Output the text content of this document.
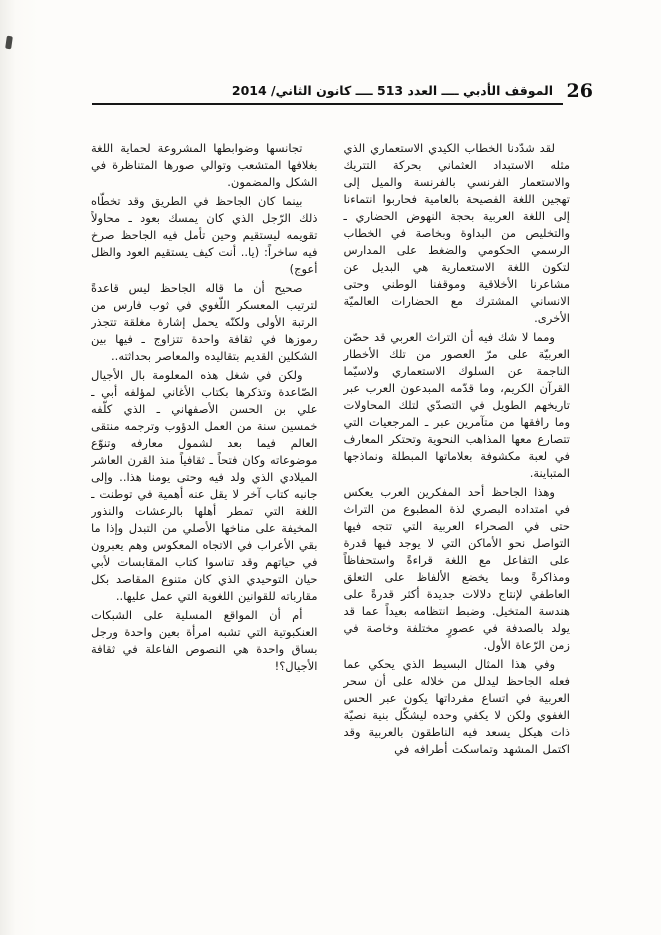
الموقف الأدبي ــــ العدد 513 ــــ كانون الثاني/ 2014 26

لقد شدّدنا الخطاب الكيدي الاستعماري الذي مثله الاستبداد العثماني بحركة التتريك والاستعمار الفرنسي بالفرنسة والميل إلى تهجين اللغة الفصيحة بالعامية فحاربوا انتماءنا إلى اللغة العربية بحجة النهوض الحضاري ـ والتخليص من البداوة وبخاصة في الخطاب الرسمي الحكومي والضغط على المدارس لتكون اللغة الاستعمارية هي البديل عن مشاعرنا الأخلاقية وموقفنا الوطني وحتى الانساني المشترك مع الحضارات العالميّة الأخرى.

ومما لا شك فيه أن التراث العربي قد حصّن العربيّة على مرّ العصور من تلك الأخطار الناجمة عن السلوك الاستعماري ولاسيّما القرآن الكريم، وما قدّمه المبدعون العرب عبر تاريخهم الطويل في التصدّي لتلك المحاولات وما رافقها من متآمرين عبر ـ المرجعيات التي تتصارع معها المذاهب النحوية وتحتكر المعارف في لعبة مكشوفة بعلاماتها المبطلة ونماذجها المتباينة.

وهذا الجاحظ أحد المفكرين العرب يعكس في امتداده البصري لذة المطبوع من التراث حتى في الصحراء العربية التي تتجه فيها التواصل نحو الأماكن التي لا يوجد فيها قدرة على التفاعل مع اللغة قراءةً واستحفاظاً ومذاكرةً وبما يخضع الألفاظ على التعلق العاطفي لإنتاج دلالات جديدة أكثر قدرةً على هندسة المتخيل. وضبط انتظامه بعيداً عما قد يولد بالصدفة في عصورٍ مختلفة وخاصة في زمن الرّعاة الأول.

وفي هذا المثال البسيط الذي يحكي عما فعله الجاحظ ليدلل من خلاله على أن سحر العربية في اتساع مفرداتها يكون عبر الحس الغفوي ولكن لا يكفي وحده ليشكّل بنية نصيّة ذات هيكل يسعد فيه الناطقون بالعربية وقد اكتمل المشهد وتماسكت أطرافه في

تجانسها وضوابطها المشروعة لحماية اللغة بغلافها المتشعب وتوالي صورها المتناظرة في الشكل والمضمون.

بينما كان الجاحظ في الطريق وقد تخطّاه ذلك الرّجل الذي كان يمسك بعود ـ محاولاً تقويمه ليستقيم وحين تأمل فيه الجاحظ صرخ فيه ساخراً: (يا.. أنت كيف يستقيم العود والظل أعوج)

صحيح أن ما قاله الجاحظ ليس قاعدةً لترتيب المعسكر اللّغوي في ثوب فارس من الرتبة الأولى ولكنّه يحمل إشارة مغلقة تتجذر رموزها في ثقافة واحدة تتزاوج ـ فيها بين الشكلين القديم بتقاليده والمعاصر بحداثته..

ولكن في شغل هذه المعلومة بال الأجيال الصّاعدة وتذكرها بكتاب الأغاني لمؤلفه أبي ـ علي بن الحسن الأصفهاني ـ الذي كلّفه خمسين سنة من العمل الدؤوب وترجمه منتقى العالم فيما بعد لشمول معارفه وتنوّع موضوعاته وكان فتحاً ـ ثقافياً منذ القرن العاشر الميلادي الذي ولد فيه وحتى يومنا هذا.. وإلى جانبه كتاب آخر لا يقل عنه أهمية في توطنت ـ اللغة التي تمطر أهلها بالرعشات والنذور المخيفة على مناخها الأصلي من التبدل وإذا ما بقي الأعراب في الاتجاه المعكوس وهم يعبرون في حياتهم وقد تناسوا كتاب المقابسات لأبي حيان التوحيدي الذي كان متنوع المقاصد بكل مقارباته للقوانين اللغوية التي عمل عليها..

أم أن المواقع المسلية على الشبكات العنكبوتية التي تشبه امرأة بعين واحدة ورجل بساق واحدة هي النصوص الفاعلة في ثقافة الأجيال؟!
